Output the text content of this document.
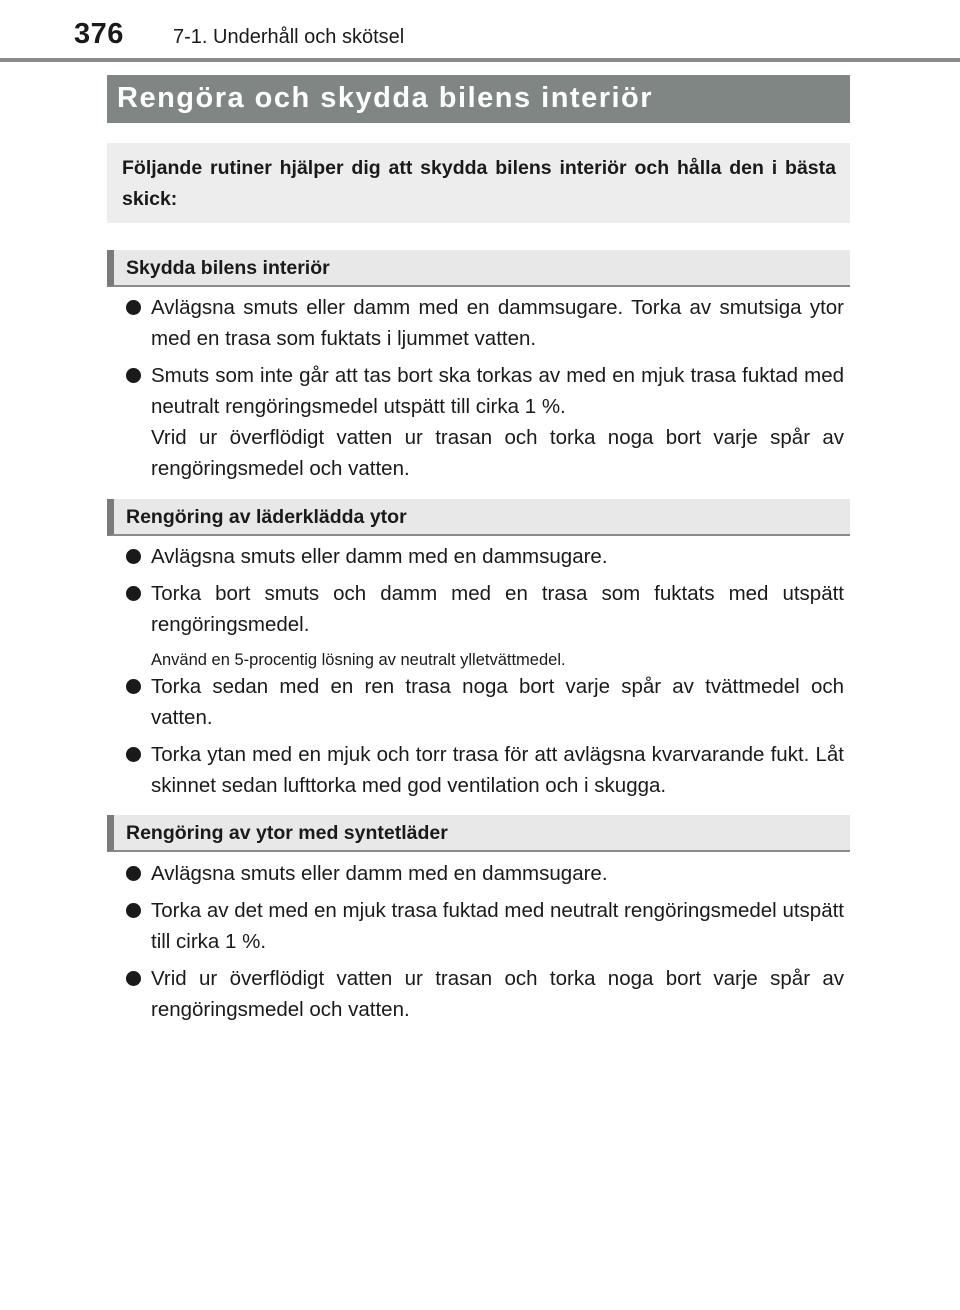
376 7-1. Underhåll och skötsel
Rengöra och skydda bilens interiör
Följande rutiner hjälper dig att skydda bilens interiör och hålla den i bästa skick:
Skydda bilens interiör
Avlägsna smuts eller damm med en dammsugare. Torka av smutsiga ytor med en trasa som fuktats i ljummet vatten.
Smuts som inte går att tas bort ska torkas av med en mjuk trasa fuktad med neutralt rengöringsmedel utspätt till cirka 1 %.
Vrid ur överflödigt vatten ur trasan och torka noga bort varje spår av rengöringsmedel och vatten.
Rengöring av läderklädda ytor
Avlägsna smuts eller damm med en dammsugare.
Torka bort smuts och damm med en trasa som fuktats med utspätt rengöringsmedel.
Använd en 5-procentig lösning av neutralt ylletvättmedel.
Torka sedan med en ren trasa noga bort varje spår av tvättmedel och vatten.
Torka ytan med en mjuk och torr trasa för att avlägsna kvarvarande fukt. Låt skinnet sedan lufttorka med god ventilation och i skugga.
Rengöring av ytor med syntetläder
Avlägsna smuts eller damm med en dammsugare.
Torka av det med en mjuk trasa fuktad med neutralt rengöringsmedel utspätt till cirka 1 %.
Vrid ur överflödigt vatten ur trasan och torka noga bort varje spår av rengöringsmedel och vatten.
